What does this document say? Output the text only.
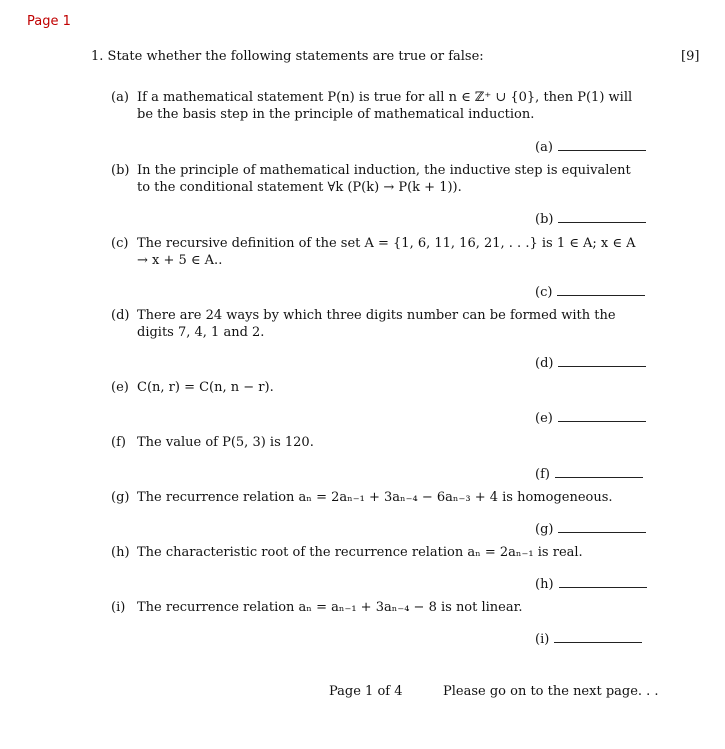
Page 1
1. State whether the following statements are true or false:	[9]
(a) If a mathematical statement P(n) is true for all n ∈ ℤ⁺ ∪ {0}, then P(1) will be the basis step in the principle of mathematical induction.
(a)
(b) In the principle of mathematical induction, the inductive step is equivalent to the conditional statement ∀k (P(k) → P(k + 1)).
(b)
(c) The recursive definition of the set A = {1, 6, 11, 16, 21, . . .} is 1 ∈ A; x ∈ A → x + 5 ∈ A..
(c)
(d) There are 24 ways by which three digits number can be formed with the digits 7, 4, 1 and 2.
(d)
(e) C(n, r) = C(n, n − r).
(e)
(f) The value of P(5, 3) is 120.
(f)
(g) The recurrence relation aₙ = 2aₙ₋₁ + 3aₙ₋₄ − 6aₙ₋₃ + 4 is homogeneous.
(g)
(h) The characteristic root of the recurrence relation aₙ = 2aₙ₋₁ is real.
(h)
(i) The recurrence relation aₙ = aₙ₋₁ + 3aₙ₋₄ − 8 is not linear.
(i)
Page 1 of 4	Please go on to the next page. . .
